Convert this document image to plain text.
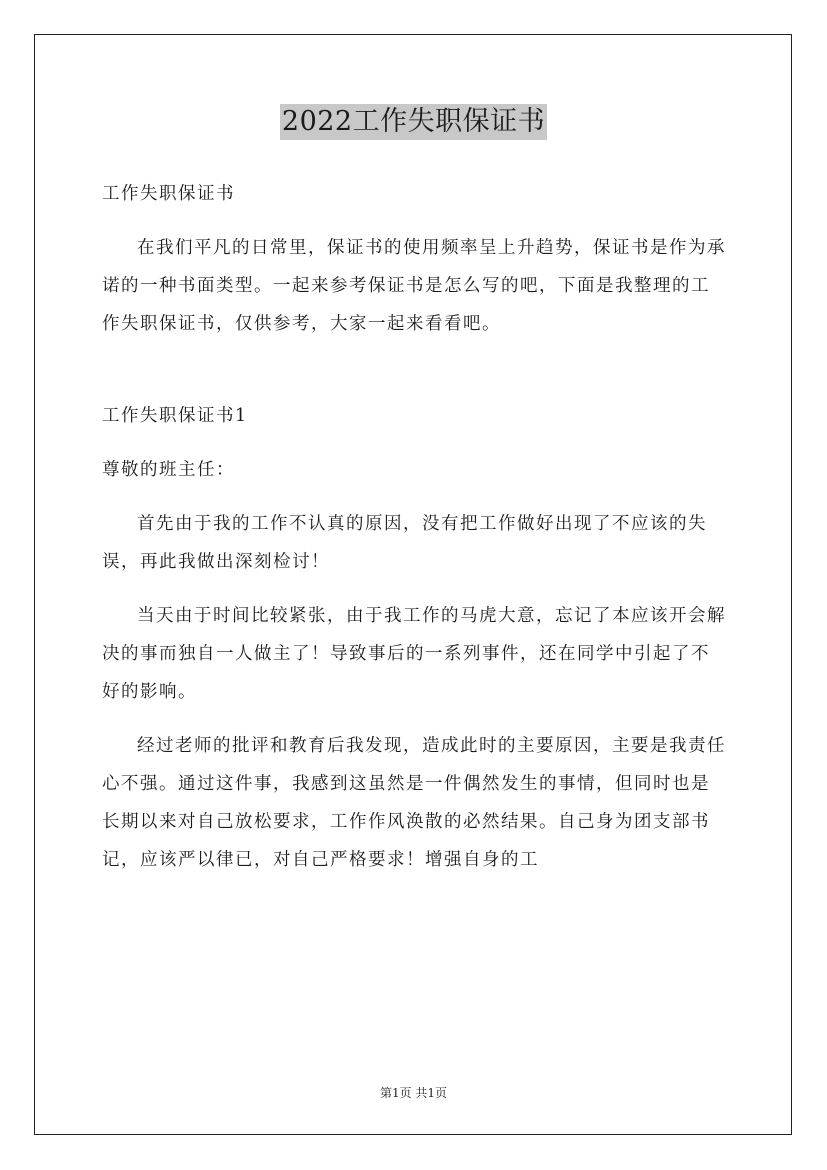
2022工作失职保证书

工作失职保证书

在我们平凡的日常里，保证书的使用频率呈上升趋势，保证书是作为承诺的一种书面类型。一起来参考保证书是怎么写的吧，下面是我整理的工作失职保证书，仅供参考，大家一起来看看吧。

工作失职保证书1

尊敬的班主任：

首先由于我的工作不认真的原因，没有把工作做好出现了不应该的失误，再此我做出深刻检讨！

当天由于时间比较紧张，由于我工作的马虎大意，忘记了本应该开会解决的事而独自一人做主了！导致事后的一系列事件，还在同学中引起了不好的影响。

经过老师的批评和教育后我发现，造成此时的主要原因，主要是我责任心不强。通过这件事，我感到这虽然是一件偶然发生的事情，但同时也是长期以来对自己放松要求，工作作风涣散的必然结果。自己身为团支部书记，应该严以律已，对自己严格要求！增强自身的工

第1页 共1页
